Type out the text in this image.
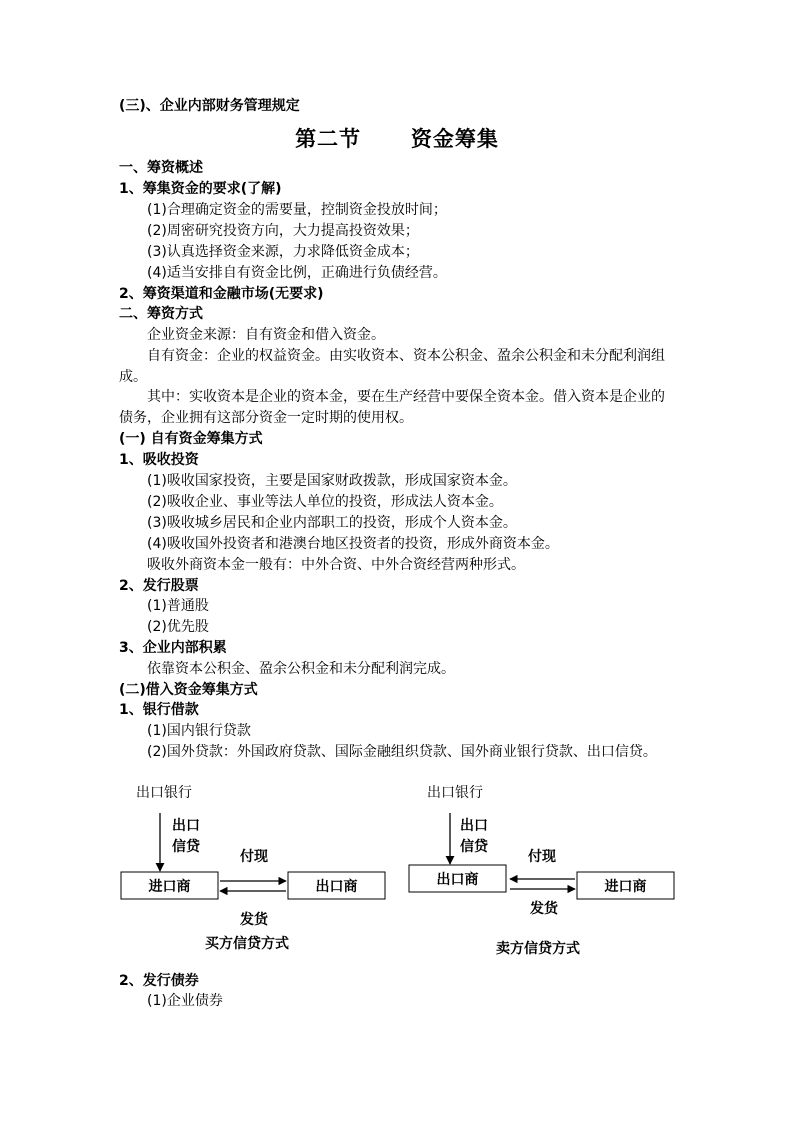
(三)、企业内部财务管理规定
第二节      资金筹集
一、筹资概述
1、筹集资金的要求(了解)
(1)合理确定资金的需要量，控制资金投放时间；
(2)周密研究投资方向，大力提高投资效果；
(3)认真选择资金来源，力求降低资金成本；
(4)适当安排自有资金比例，正确进行负债经营。
2、筹资渠道和金融市场(无要求)
二、筹资方式
企业资金来源：自有资金和借入资金。
自有资金：企业的权益资金。由实收资本、资本公积金、盈余公积金和未分配利润组成。
其中：实收资本是企业的资本金，要在生产经营中要保全资本金。借入资本是企业的债务，企业拥有这部分资金一定时期的使用权。
(一) 自有资金筹集方式
1、吸收投资
(1)吸收国家投资，主要是国家财政拨款，形成国家资本金。
(2)吸收企业、事业等法人单位的投资，形成法人资本金。
(3)吸收城乡居民和企业内部职工的投资，形成个人资本金。
(4)吸收国外投资者和港澳台地区投资者的投资，形成外商资本金。
吸收外商资本金一般有：中外合资、中外合资经营两种形式。
2、发行股票
(1)普通股
(2)优先股
3、企业内部积累
依靠资本公积金、盈余公积金和未分配利润完成。
(二)借入资金筹集方式
1、银行借款
(1)国内银行贷款
(2)国外贷款：外国政府贷款、国际金融组织贷款、国外商业银行贷款、出口信贷。
出口银行
出口
信贷
付现
进口商	出口商
发货
买方信贷方式
出口银行
出口
信贷
付现
出口商	进口商
发货
卖方信贷方式
2、发行债券
(1)企业债券
